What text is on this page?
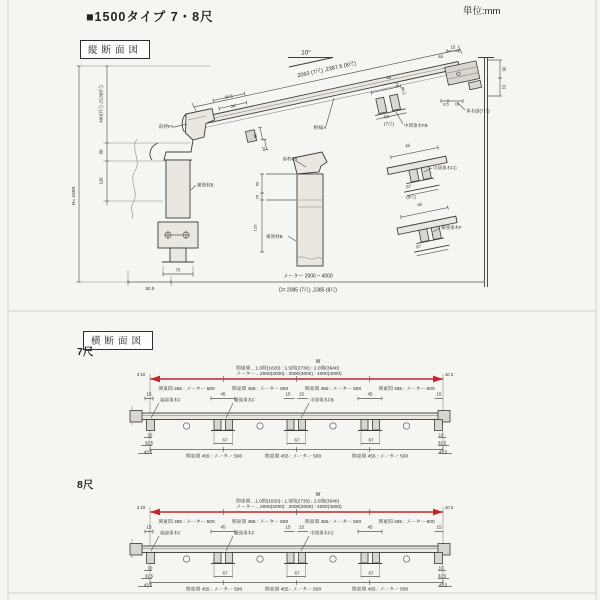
■1500タイプ 7・8尺	単位:mm
縦断面図
横断面図
7尺
8尺
10°
2063 (7尺) ,2387.5 (8尺)
15
45
35
31
8.5 16
垂木掛(7尺)
45
18
40.5
62
(7尺) 中間垂木FB
野縁A
前枠FA
34.5
34
36
24
490(7尺) ,513(8尺)
60
120
H= 2400
92.5
70
メーター 2000 ~ 4000
D= 2085 (7尺) ,2385 (8尺)
前枠FB
補強材B
補強材B
60
25
120
45
中間垂木FC
67
(8尺)
45
補強垂木F
67
W
関東間…1.0間(1820) : 1.5間(2730) : 2.0間(3640)
メーター…2000(2000) : 3000(3000) : 4000(4000)
3 10	10 3
関東間 455 : メーター 500	関東間 455 : メーター 500	関東間 455 : メーター 500	関東間 455 : メーター 500
15	45	15 15	45	15
端部垂木F	補強垂木F	中間垂木FB
67	67	67
10
32.5
43.5
10
32.5
43.5
関東間 455 : メーター 500	関東間 455 : メーター 500	関東間 455 : メーター 500
W
関東間…1.0間(1820) : 1.5間(2730) : 2.0間(3640)
メーター…2000(2000) : 3000(3000) : 4000(4000)
3 10	10 3
関東間 455 : メーター 500	関東間 455 : メーター 500	関東間 455 : メーター 500	関東間 455 : メーター 500
15	45	15 15	45	15
端部垂木F	補強垂木F	中間垂木FC
67	67	67
10
32.5
43.5
10
32.5
43.5
関東間 455 : メーター 500	関東間 455 : メーター 500	関東間 455 : メーター 500
